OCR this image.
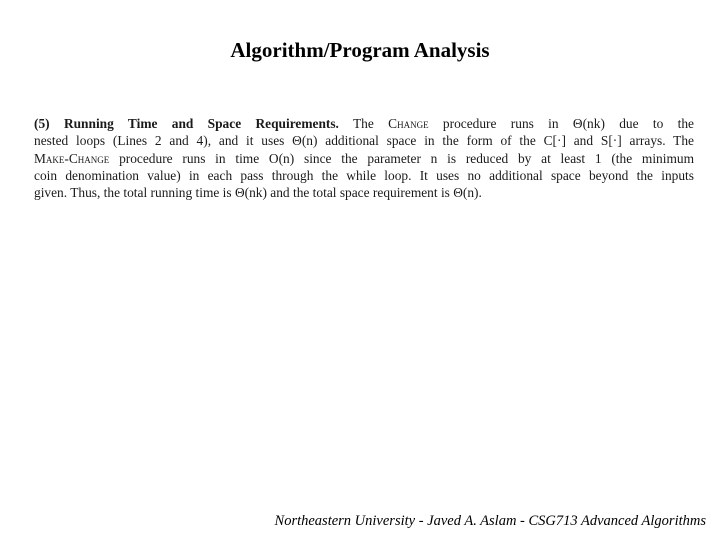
Algorithm/Program Analysis
(5) Running Time and Space Requirements. The Change procedure runs in Θ(nk) due to the
nested loops (Lines 2 and 4), and it uses Θ(n) additional space in the form of the C[·] and S[·] arrays. The
Make-Change procedure runs in time O(n) since the parameter n is reduced by at least 1 (the minimum
coin denomination value) in each pass through the while loop. It uses no additional space beyond the inputs
given. Thus, the total running time is Θ(nk) and the total space requirement is Θ(n).
Northeastern University - Javed A. Aslam - CSG713 Advanced Algorithms
